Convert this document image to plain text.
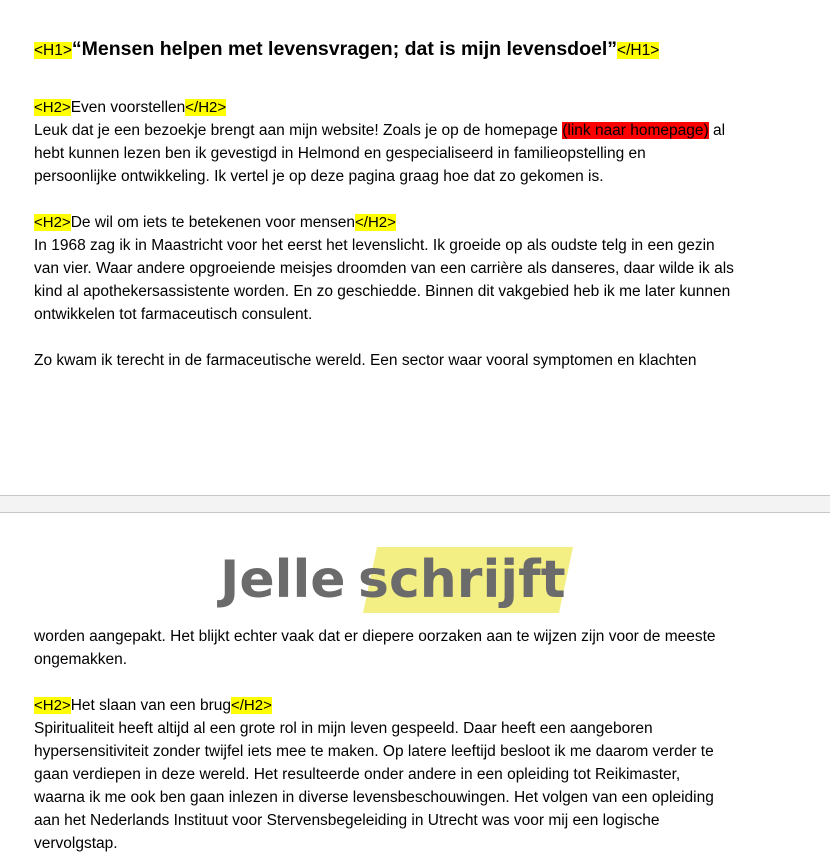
<H1>“Mensen helpen met levensvragen; dat is mijn levensdoel”</H1>

<H2>Even voorstellen</H2>

Leuk dat je een bezoekje brengt aan mijn website! Zoals je op de homepage (link naar homepage) al

hebt kunnen lezen ben ik gevestigd in Helmond en gespecialiseerd in familieopstelling en

persoonlijke ontwikkeling. Ik vertel je op deze pagina graag hoe dat zo gekomen is.

<H2>De wil om iets te betekenen voor mensen</H2>

In 1968 zag ik in Maastricht voor het eerst het levenslicht. Ik groeide op als oudste telg in een gezin

van vier. Waar andere opgroeiende meisjes droomden van een carrière als danseres, daar wilde ik als

kind al apothekersassistente worden. En zo geschiedde. Binnen dit vakgebied heb ik me later kunnen

ontwikkelen tot farmaceutisch consulent.

Zo kwam ik terecht in de farmaceutische wereld. Een sector waar vooral symptomen en klachten

Jelle schrijft

worden aangepakt. Het blijkt echter vaak dat er diepere oorzaken aan te wijzen zijn voor de meeste

ongemakken.

<H2>Het slaan van een brug</H2>

Spiritualiteit heeft altijd al een grote rol in mijn leven gespeeld. Daar heeft een aangeboren

hypersensitiviteit zonder twijfel iets mee te maken. Op latere leeftijd besloot ik me daarom verder te

gaan verdiepen in deze wereld. Het resulteerde onder andere in een opleiding tot Reikimaster,

waarna ik me ook ben gaan inlezen in diverse levensbeschouwingen. Het volgen van een opleiding

aan het Nederlands Instituut voor Stervensbegeleiding in Utrecht was voor mij een logische

vervolgstap.
